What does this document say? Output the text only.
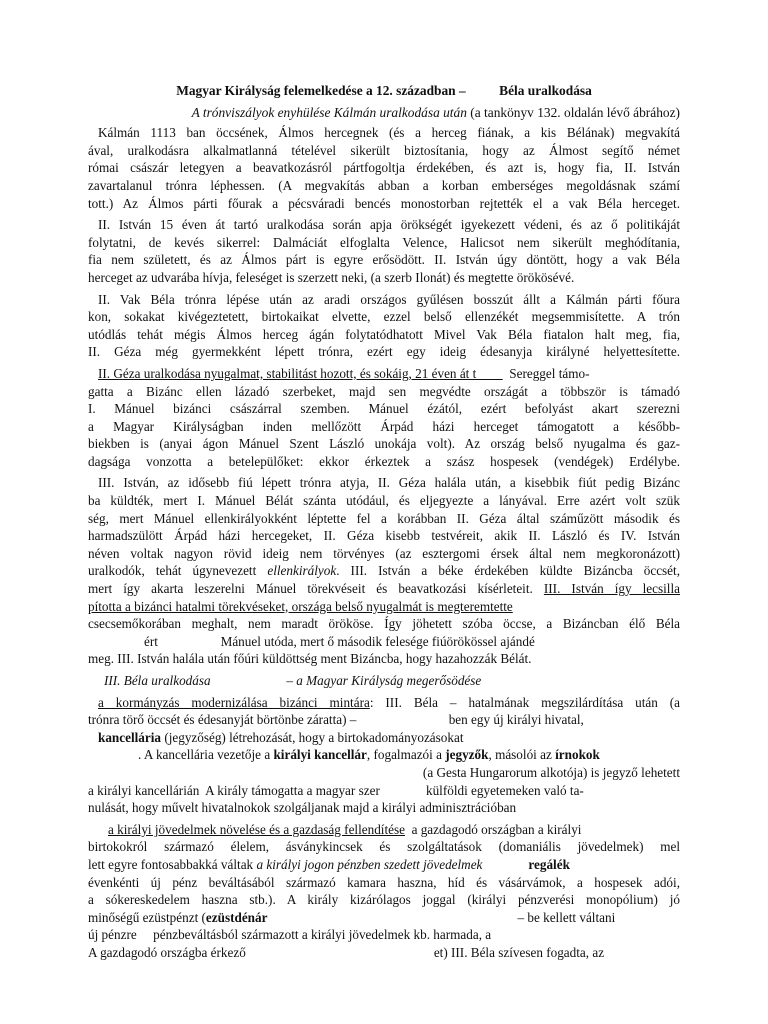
Magyar Királyság felemelkedése a 12. században –          Béla uralkodása
A trónviszályok enyhülése Kálmán uralkodása után (a tankönyv 132. oldalán lévő ábrához)
Kálmán 1113 ban öccsének, Álmos hercegnek (és a herceg fiának, a kis Bélának) megvakítá
ával, uralkodásra alkalmatlanná tételével sikerült biztosítania, hogy az Álmost segítő német
római császár letegyen a beavatkozásról pártfogoltja érdekében, és azt is, hogy fia, II. István
zavartalanul trónra léphessen. (A megvakítás abban a korban emberséges megoldásnak számí
tott.) Az Álmos párti főurak a pécsváradi bencés monostorban rejtették el a vak Béla herceget.
II. István 15 éven át tartó uralkodása során apja örökségét igyekezett védeni, és az ő politikáját
folytatni, de kevés sikerrel: Dalmáciát elfoglalta Velence, Halicsot nem sikerült meghódítania,
fia nem született, és az Álmos párt is egyre erősödött. II. István úgy döntött, hogy a vak Béla
herceget az udvarába hívja, feleséget is szerzett neki, (a szerb Ilonát) és megtette örökösévé.
II. Vak Béla trónra lépése után az aradi országos gyűlésen bosszút állt a Kálmán párti főura
kon, sokakat kivégeztetett, birtokaikat elvette, ezzel belső ellenzékét megsemmisítette. A trón
utódlás tehát mégis Álmos herceg ágán folytatódhatott Mivel Vak Béla fiatalon halt meg, fia,
II. Géza még gyermekként lépett trónra, ezért egy ideig édesanyja királyné helyettesítette.
II. Géza uralkodása nyugalmat, stabilitást hozott, és sokáig, 21 éven át t          Sereggel támo-
gatta a Bizánc ellen lázadó szerbeket, majd sen megvédte országát a többször is támadó
I. Mánuel bizánci császárral szemben. Mánuel ézától, ezért befolyást akart szerezni
a Magyar Királyságban inden mellőzött Árpád házi herceget támogatott a később-
biekben is (anyai ágon Mánuel Szent László unokája volt). Az ország belső nyugalma és gaz-
dagsága vonzotta a betelepülőket: ekkor érkeztek a szász hospesek (vendégek) Erdélybe.
III. István, az idősebb fiú lépett trónra atyja, II. Géza halála után, a kisebbik fiút pedig Bizánc
ba küldték, mert I. Mánuel Bélát szánta utódául, és eljegyezte a lányával. Erre azért volt szük
ség, mert Mánuel ellenkirályokként léptette fel a korábban II. Géza által száműzött második és
harmadszülött Árpád házi hercegeket, II. Géza kisebb testvéreit, akik II. László és IV. István
néven voltak nagyon rövid ideig nem törvényes (az esztergomi érsek által nem megkoronázott)
uralkodók, tehát úgynevezett ellenkirályok. III. István a béke érdekében küldte Bizáncba öccsét,
mert így akarta leszerelni Mánuel törekvéseit és beavatkozási kísérleteit. III. István így lecsilla
pította a bizánci hatalmi törekvéseket, országa belső nyugalmát is megteremtette
csecsemőkorában meghalt, nem maradt örököse. Így jöhetett szóba öccse, a Bizáncban élő Béla
ért                   Mánuel utóda, mert ő második felesége fiúörökössel ajándé
meg. III. István halála után főúri küldöttség ment Bizáncba, hogy hazahozzák Bélát.
III. Béla uralkodása                       – a Magyar Királyság megerősödése
a kormányzás modernizálása bizánci mintára: III. Béla – hatalmának megszilárdítása után (a
trónra törő öccsét és édesanyját börtönbe záratta) –                            ben egy új királyi hivatal,
kancellária (jegyzőség) létrehozását, hogy a birtokadományozásokat
. A kancellária vezetője a királyi kancellár, fogalmazói a jegyzők, másolói az írnokok
(a Gesta Hungarorum alkotója) is jegyző lehetett
a királyi kancellárián  A király támogatta a magyar szer              külföldi egyetemeken való ta-
nulását, hogy művelt hivatalnokok szolgáljanak majd a királyi adminisztrációban
a királyi jövedelmek növelése és a gazdaság fellendítése  a gazdagodó országban a királyi
birtokokról származó élelem, ásványkincsek és szolgáltatások (domaniális jövedelmek) mel
lett egyre fontosabbakká váltak a királyi jogon pénzben szedett jövedelmek	regálék
évenkénti új pénz beváltásából származó kamara haszna, híd és vásárvámok, a hospesek adói,
a sókereskedelem haszna stb.). A király kizárólagos joggal (királyi pénzverési monopólium) jó
minőségű ezüstpénzt (ezüstdénár	– be kellett váltani
új pénzre     pénzbeváltásból származott a királyi jövedelmek kb. harmada, a
A gazdagodó országba érkező	et) III. Béla szívesen fogadta, az
